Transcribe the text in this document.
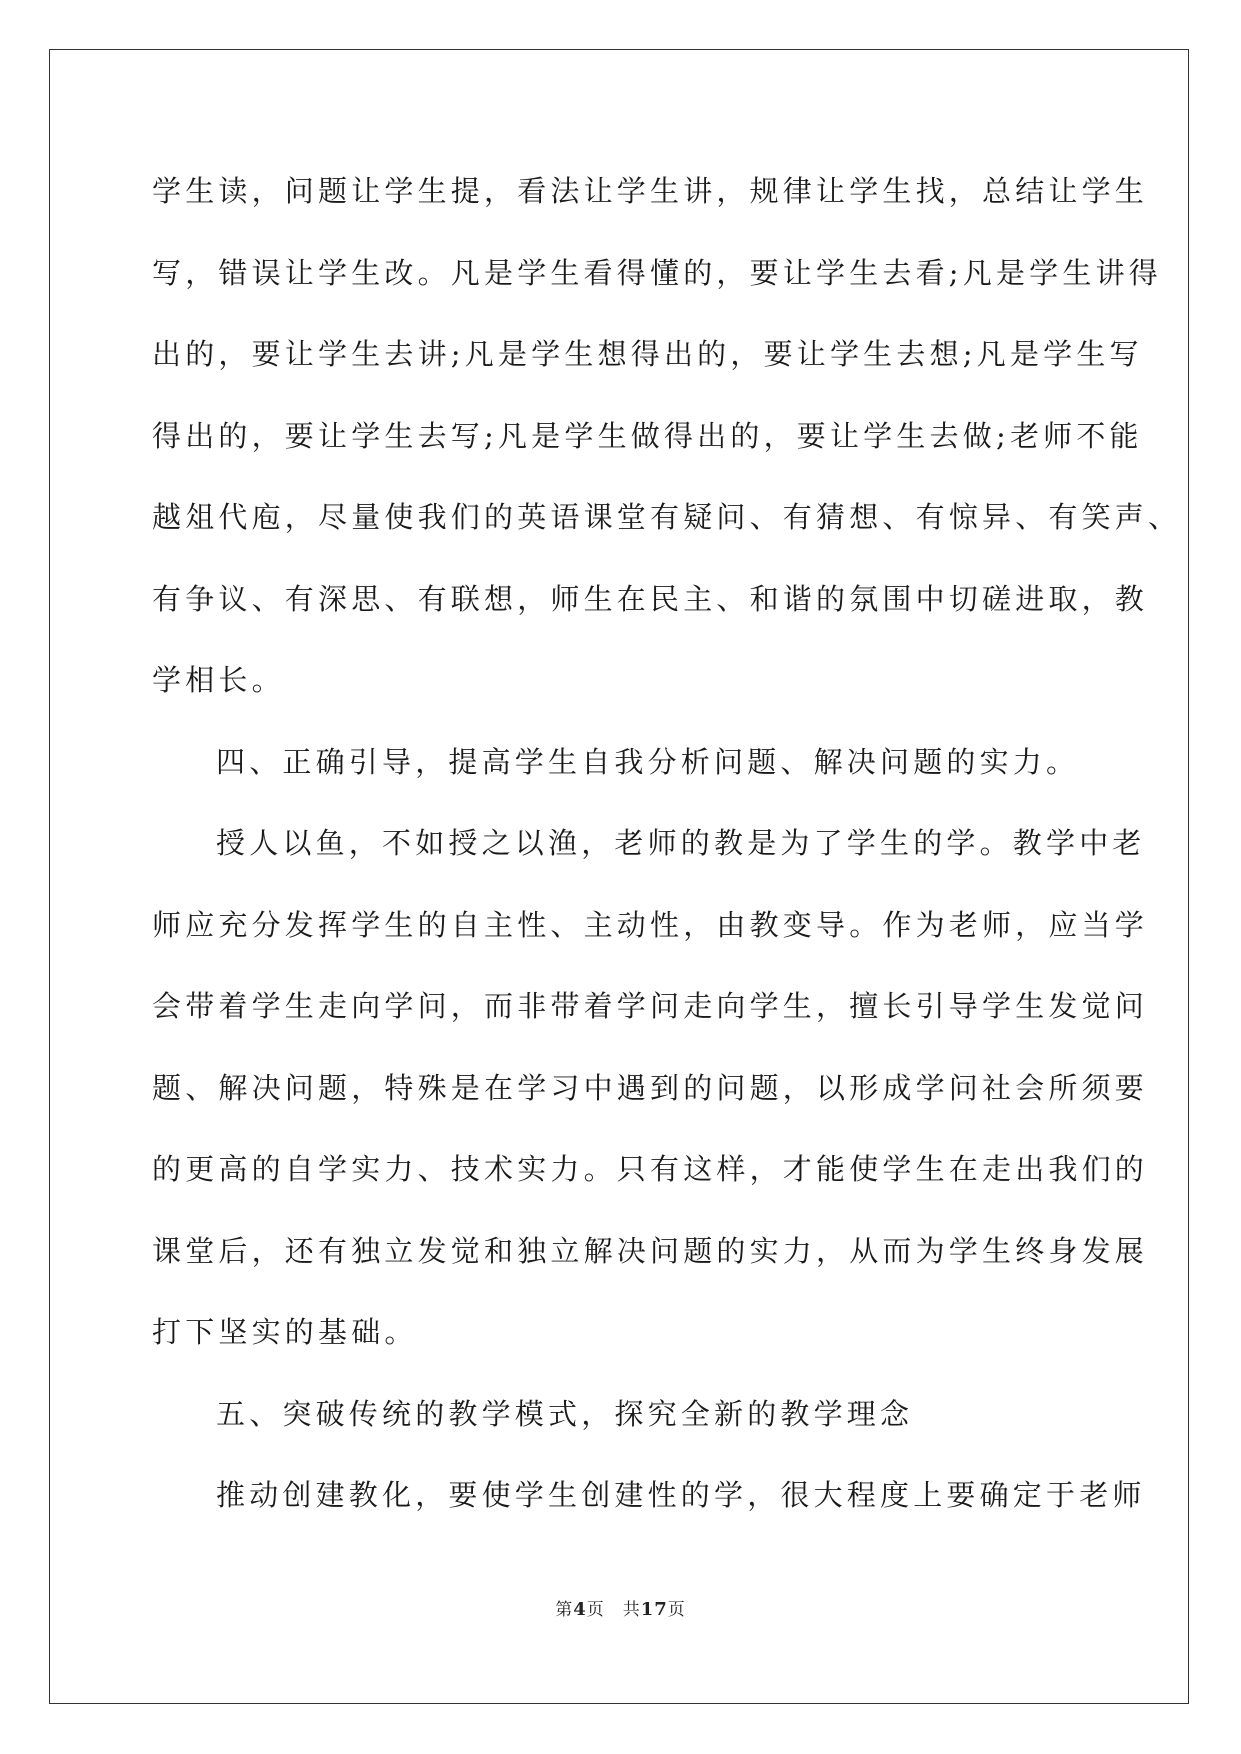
学生读，问题让学生提，看法让学生讲，规律让学生找，总结让学生
写，错误让学生改。凡是学生看得懂的，要让学生去看;凡是学生讲得
出的，要让学生去讲;凡是学生想得出的，要让学生去想;凡是学生写
得出的，要让学生去写;凡是学生做得出的，要让学生去做;老师不能
越俎代庖，尽量使我们的英语课堂有疑问、有猜想、有惊异、有笑声、
有争议、有深思、有联想，师生在民主、和谐的氛围中切磋进取，教
学相长。
四、正确引导，提高学生自我分析问题、解决问题的实力。
授人以鱼，不如授之以渔，老师的教是为了学生的学。教学中老
师应充分发挥学生的自主性、主动性，由教变导。作为老师，应当学
会带着学生走向学问，而非带着学问走向学生，擅长引导学生发觉问
题、解决问题，特殊是在学习中遇到的问题，以形成学问社会所须要
的更高的自学实力、技术实力。只有这样，才能使学生在走出我们的
课堂后，还有独立发觉和独立解决问题的实力，从而为学生终身发展
打下坚实的基础。
五、突破传统的教学模式，探究全新的教学理念
推动创建教化，要使学生创建性的学，很大程度上要确定于老师
第4页 共17页
